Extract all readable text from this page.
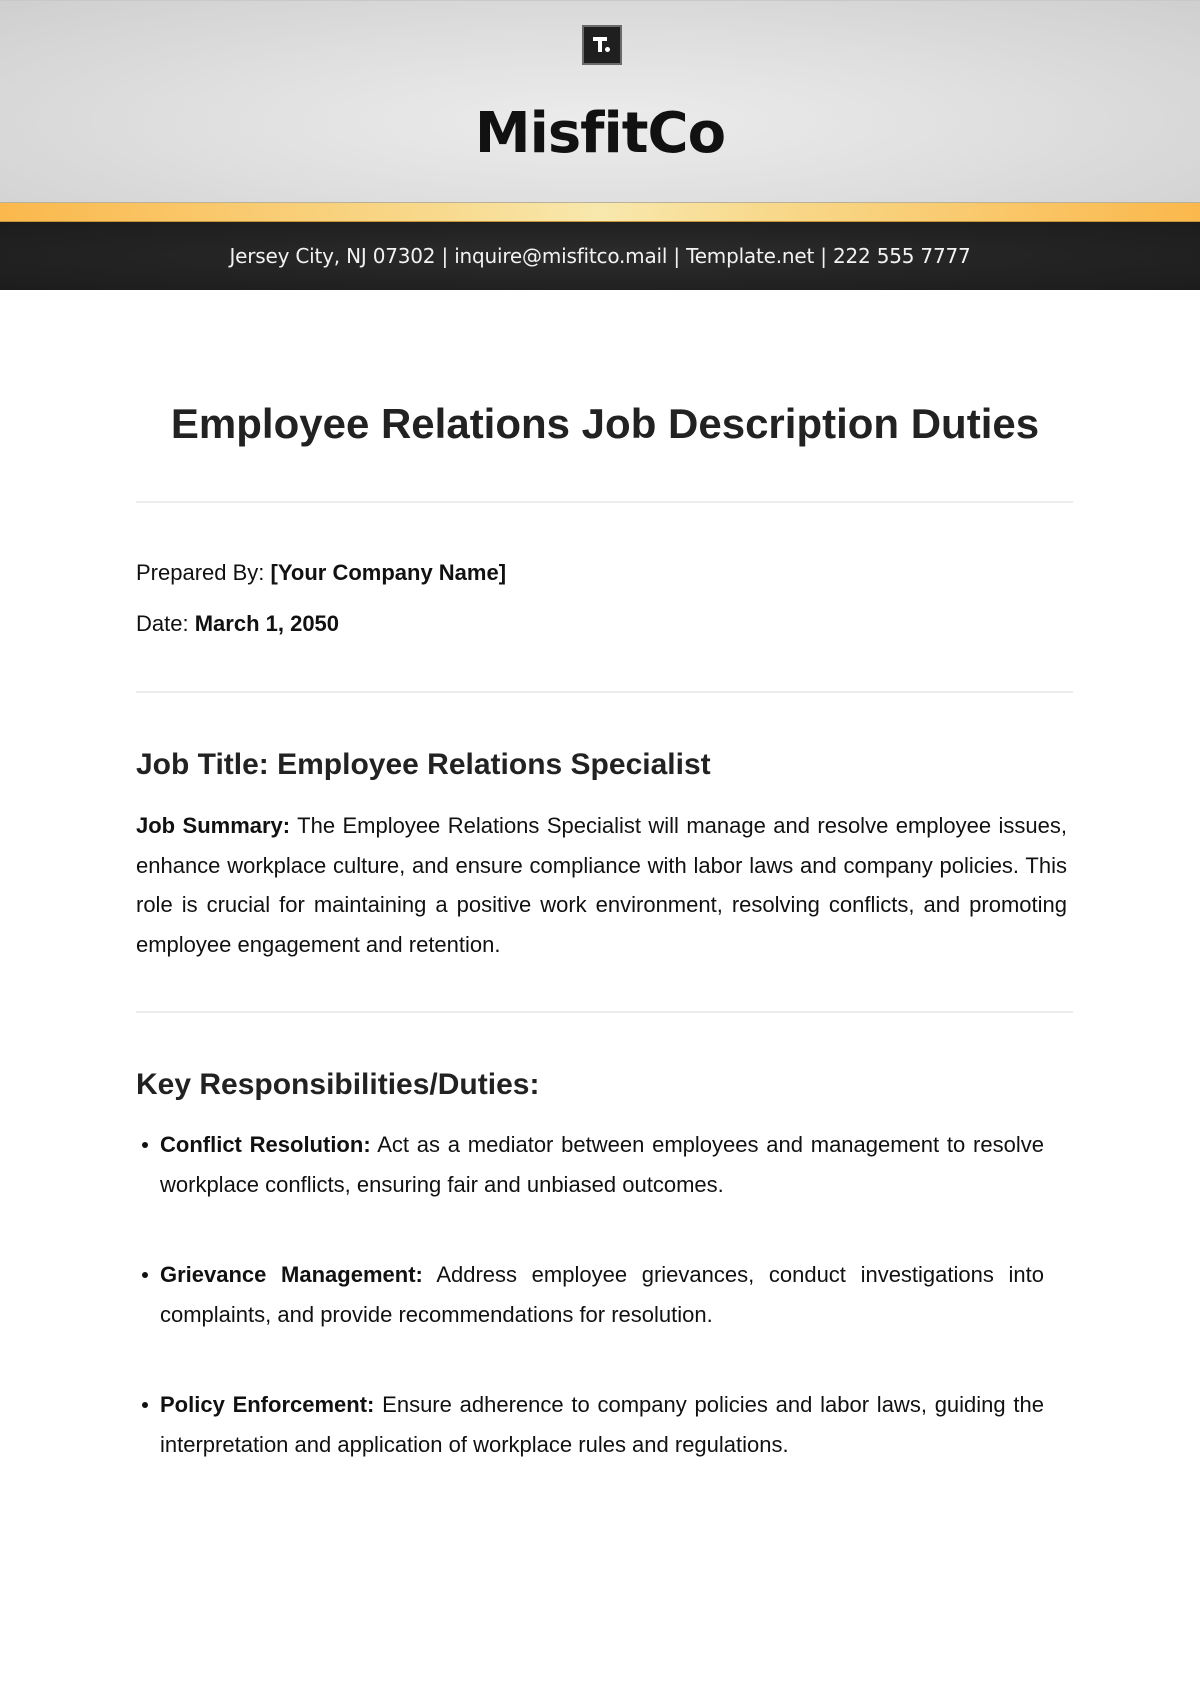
MisfitCo
Jersey City, NJ 07302 | inquire@misfitco.mail | Template.net | 222 555 7777
Employee Relations Job Description Duties
Prepared By: [Your Company Name]
Date: March 1, 2050
Job Title: Employee Relations Specialist
Job Summary: The Employee Relations Specialist will manage and resolve employee issues, enhance workplace culture, and ensure compliance with labor laws and company policies. This role is crucial for maintaining a positive work environment, resolving conflicts, and promoting employee engagement and retention.
Key Responsibilities/Duties:
Conflict Resolution: Act as a mediator between employees and management to resolve workplace conflicts, ensuring fair and unbiased outcomes.
Grievance Management: Address employee grievances, conduct investigations into complaints, and provide recommendations for resolution.
Policy Enforcement: Ensure adherence to company policies and labor laws, guiding the interpretation and application of workplace rules and regulations.
